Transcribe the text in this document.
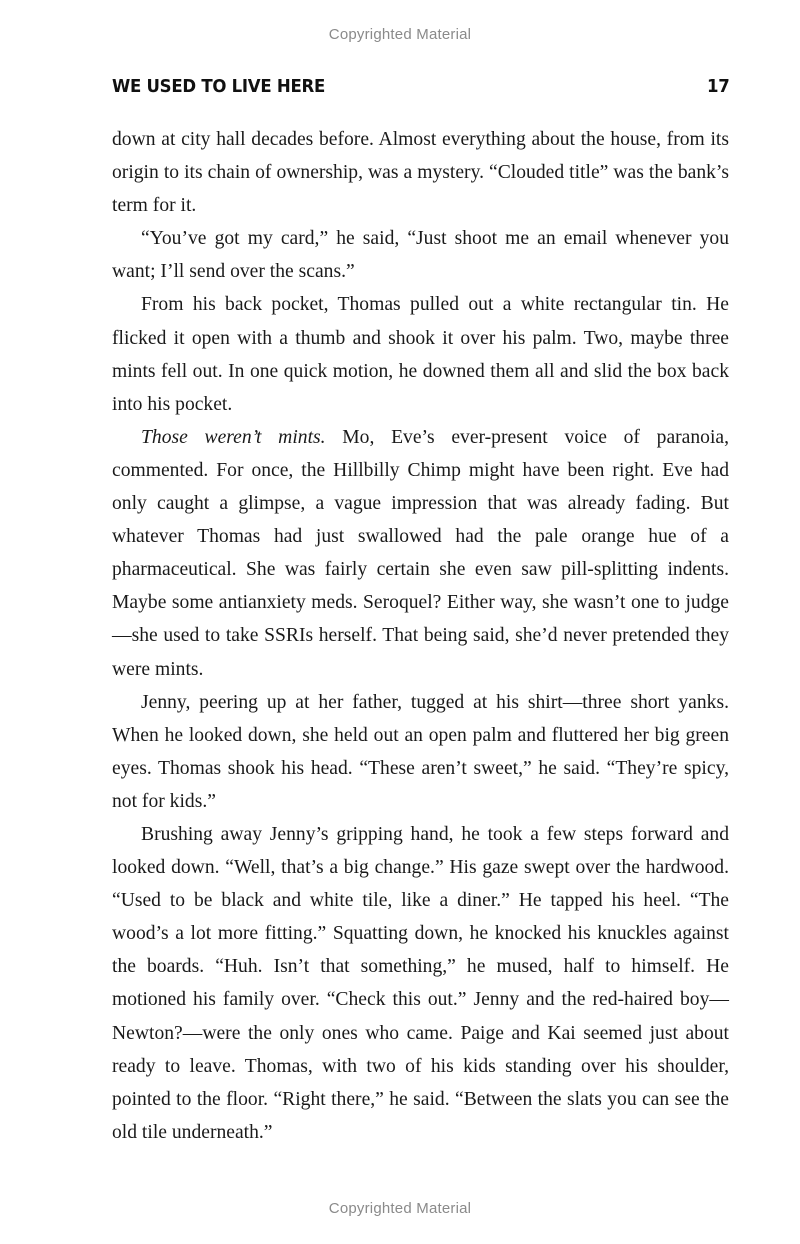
Copyrighted Material
WE USED TO LIVE HERE	17

down at city hall decades before. Almost everything about the house, from its origin to its chain of ownership, was a mystery. “Clouded title” was the bank’s term for it.

“You’ve got my card,” he said, “Just shoot me an email whenever you want; I’ll send over the scans.”

From his back pocket, Thomas pulled out a white rectangular tin. He flicked it open with a thumb and shook it over his palm. Two, maybe three mints fell out. In one quick motion, he downed them all and slid the box back into his pocket.

Those weren’t mints. Mo, Eve’s ever-present voice of paranoia, commented. For once, the Hillbilly Chimp might have been right. Eve had only caught a glimpse, a vague impression that was already fading. But whatever Thomas had just swallowed had the pale orange hue of a pharmaceutical. She was fairly certain she even saw pill-splitting indents. Maybe some antianxiety meds. Seroquel? Either way, she wasn’t one to judge—she used to take SSRIs herself. That being said, she’d never pretended they were mints.

Jenny, peering up at her father, tugged at his shirt—three short yanks. When he looked down, she held out an open palm and fluttered her big green eyes. Thomas shook his head. “These aren’t sweet,” he said. “They’re spicy, not for kids.”

Brushing away Jenny’s gripping hand, he took a few steps forward and looked down. “Well, that’s a big change.” His gaze swept over the hardwood. “Used to be black and white tile, like a diner.” He tapped his heel. “The wood’s a lot more fitting.” Squatting down, he knocked his knuckles against the boards. “Huh. Isn’t that something,” he mused, half to himself. He motioned his family over. “Check this out.” Jenny and the red-haired boy—Newton?—were the only ones who came. Paige and Kai seemed just about ready to leave. Thomas, with two of his kids standing over his shoulder, pointed to the floor. “Right there,” he said. “Between the slats you can see the old tile underneath.”

Copyrighted Material
